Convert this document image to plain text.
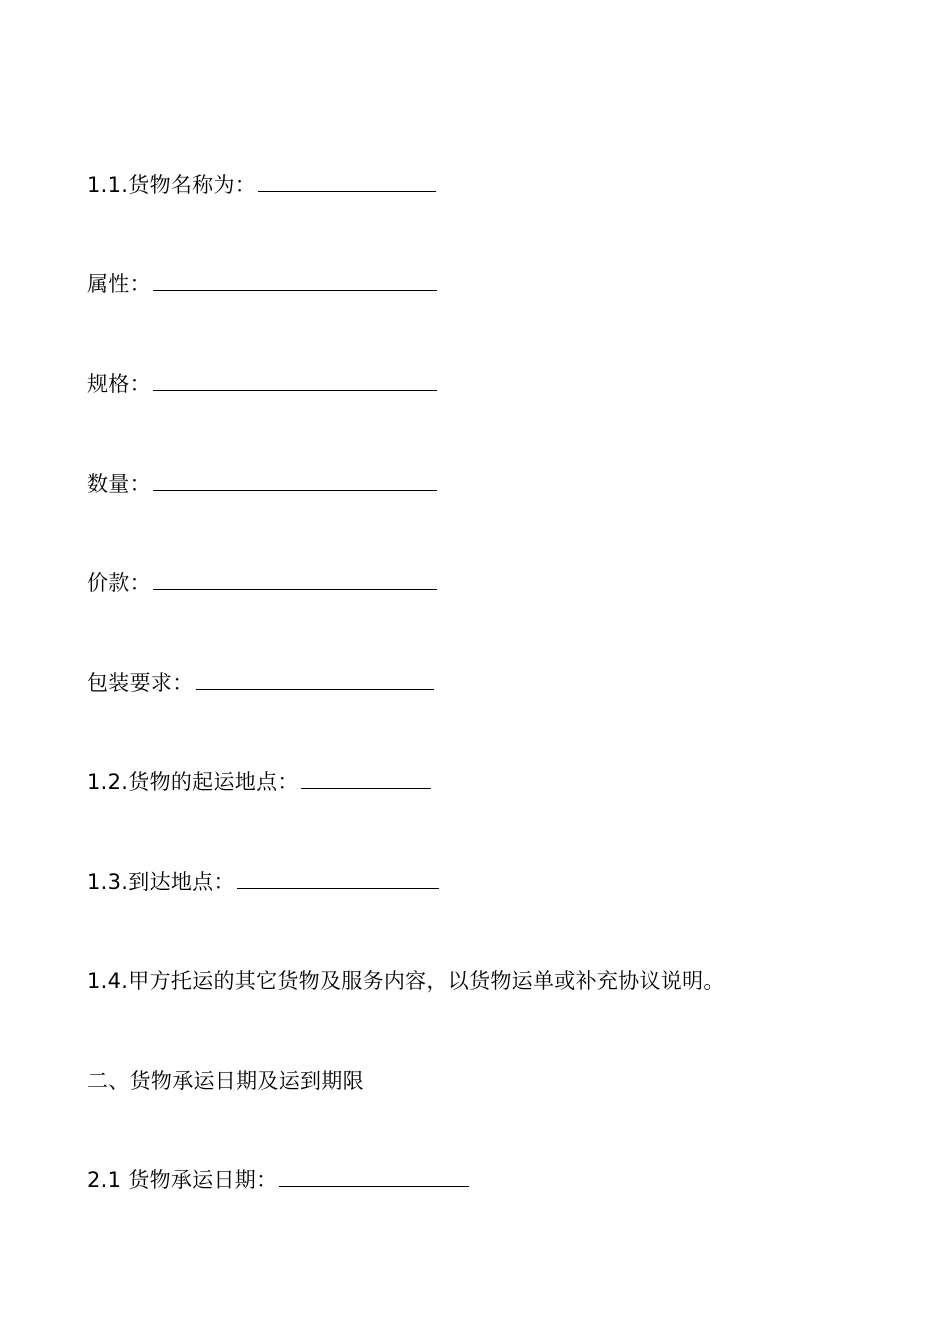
1.1.货物名称为：
属性：
规格：
数量：
价款：
包装要求：
1.2.货物的起运地点：
1.3.到达地点：
1.4.甲方托运的其它货物及服务内容，以货物运单或补充协议说明。
二、货物承运日期及运到期限
2.1 货物承运日期：
